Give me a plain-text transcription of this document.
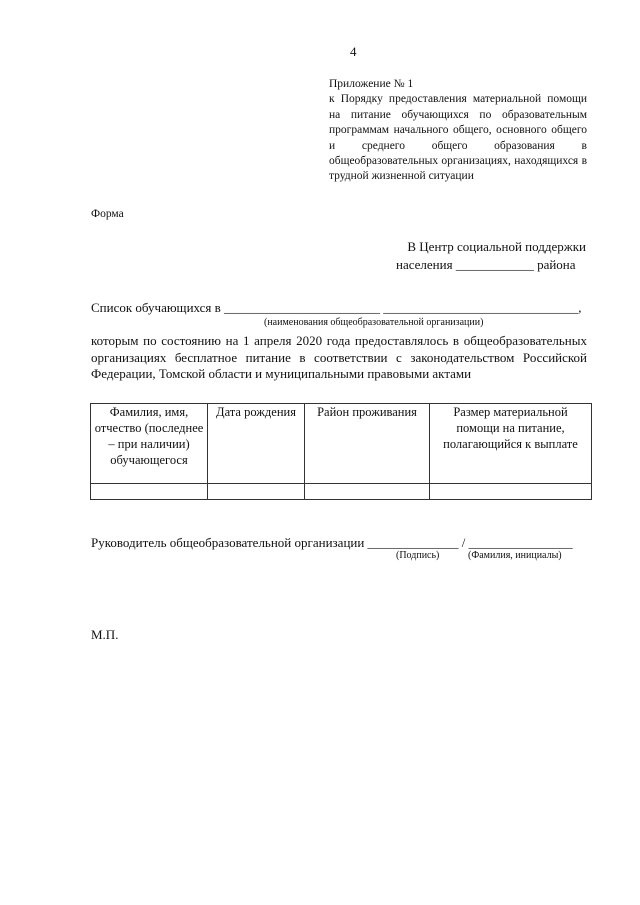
4
Приложение № 1
к Порядку предоставления материальной помощи на питание обучающихся по образовательным программам начального общего, основного общего и среднего общего образования в общеобразовательных организациях, находящихся в трудной жизненной ситуации
Форма
В Центр социальной поддержки
населения ____________ района
Список обучающихся в ________________________ ______________________________,
(наименования общеобразовательной организации)
которым по состоянию на 1 апреля 2020 года предоставлялось в общеобразовательных организациях бесплатное питание в соответствии с законодательством Российской Федерации, Томской области и муниципальными правовыми актами
Фамилия, имя, отчество (последнее – при наличии) обучающегося	Дата рождения	Район проживания	Размер материальной помощи на питание, полагающийся к выплате

Руководитель общеобразовательной организации ______________ / ________________
(Подпись)	(Фамилия, инициалы)
М.П.
